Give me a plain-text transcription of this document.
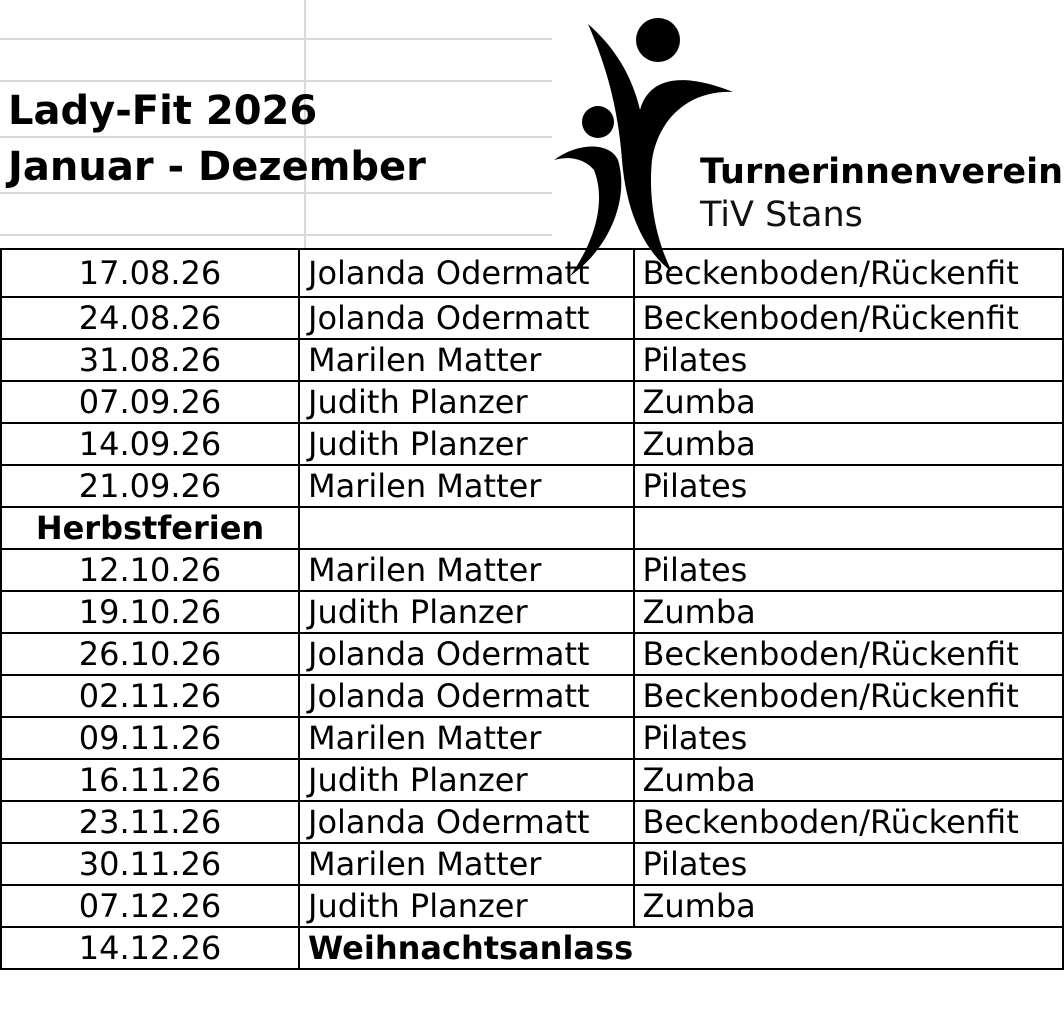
Lady-Fit 2026
Januar - Dezember	Turnerinnenverein
TiV Stans
17.08.26	Jolanda Odermatt	Beckenboden/Rückenfit
24.08.26	Jolanda Odermatt	Beckenboden/Rückenfit
31.08.26	Marilen Matter	Pilates
07.09.26	Judith Planzer	Zumba
14.09.26	Judith Planzer	Zumba
21.09.26	Marilen Matter	Pilates
Herbstferien		
12.10.26	Marilen Matter	Pilates
19.10.26	Judith Planzer	Zumba
26.10.26	Jolanda Odermatt	Beckenboden/Rückenfit
02.11.26	Jolanda Odermatt	Beckenboden/Rückenfit
09.11.26	Marilen Matter	Pilates
16.11.26	Judith Planzer	Zumba
23.11.26	Jolanda Odermatt	Beckenboden/Rückenfit
30.11.26	Marilen Matter	Pilates
07.12.26	Judith Planzer	Zumba
14.12.26	Weihnachtsanlass	
